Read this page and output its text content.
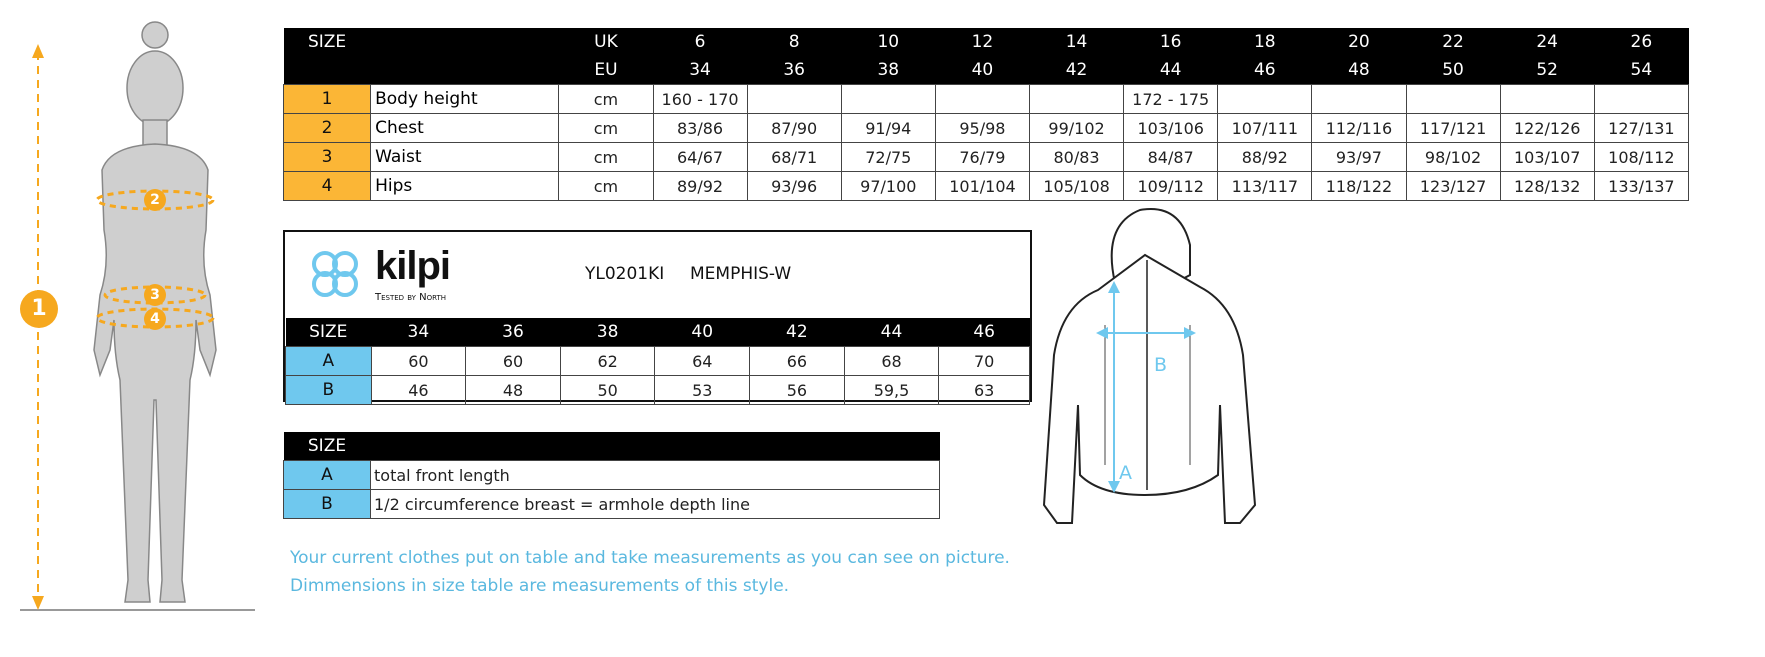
1
2
3
4
SIZE		UK	6	8	10	12	14	16	18	20	22	24	26
		EU	34	36	38	40	42	44	46	48	50	52	54
1	Body height	cm	160 - 170					172 - 175					
2	Chest	cm	83/86	87/90	91/94	95/98	99/102	103/106	107/111	112/116	117/121	122/126	127/131
3	Waist	cm	64/67	68/71	72/75	76/79	80/83	84/87	88/92	93/97	98/102	103/107	108/112
4	Hips	cm	89/92	93/96	97/100	101/104	105/108	109/112	113/117	118/122	123/127	128/132	133/137
kilpi
Tested by North
YL0201KI MEMPHIS-W
SIZE	34	36	38	40	42	44	46
A	60	60	62	64	66	68	70
B	46	48	50	53	56	59,5	63
SIZE	
A	total front length
B	1/2 circumference breast = armhole depth line
A
B
Your current clothes put on table and take measurements as you can see on picture.
Dimmensions in size table are measurements of this style.
